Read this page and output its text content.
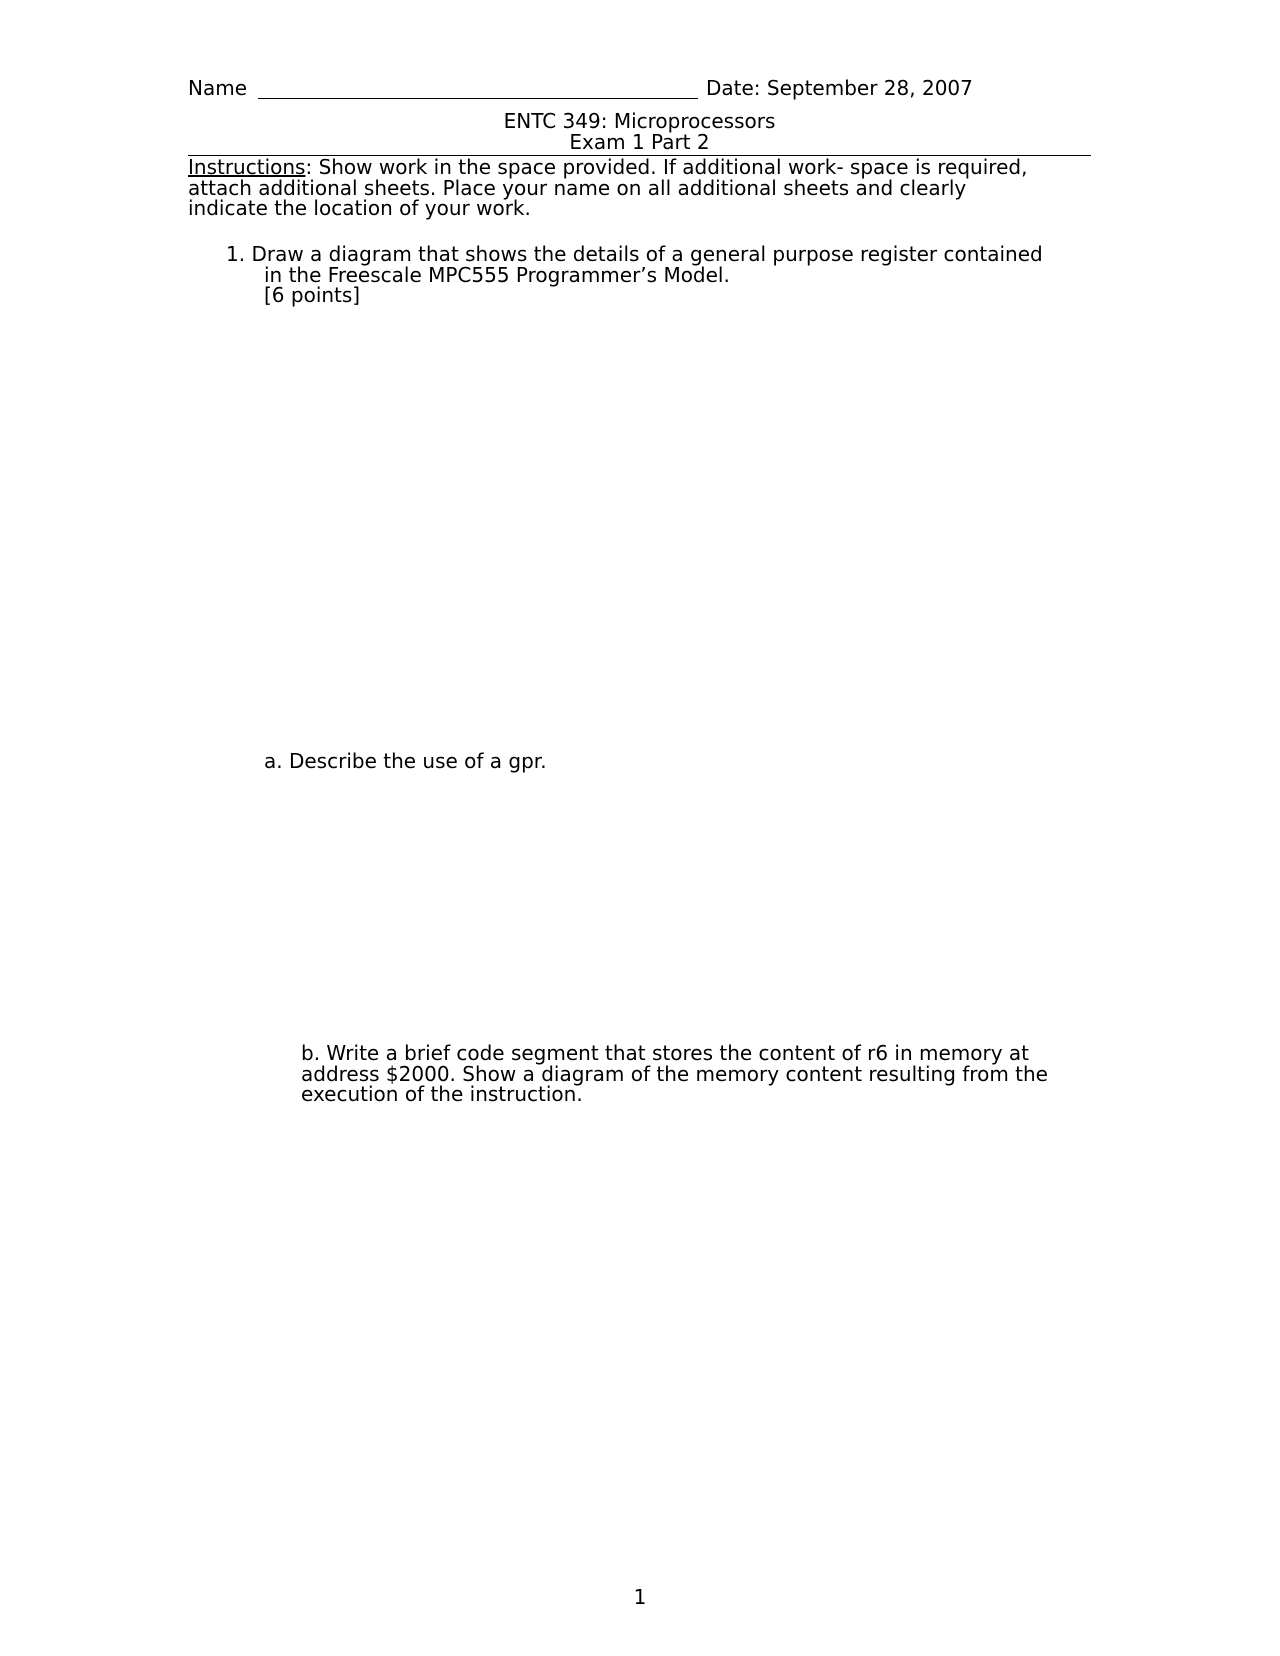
Name	Date: September 28, 2007
ENTC 349: Microprocessors
Exam 1 Part 2
Instructions: Show work in the space provided. If additional work- space is required,
attach additional sheets. Place your name on all additional sheets and clearly
indicate the location of your work.
1. Draw a diagram that shows the details of a general purpose register contained
in the Freescale MPC555 Programmer’s Model.
[6 points]
a. Describe the use of a gpr.
b. Write a brief code segment that stores the content of r6 in memory at
address $2000. Show a diagram of the memory content resulting from the
execution of the instruction.
1
